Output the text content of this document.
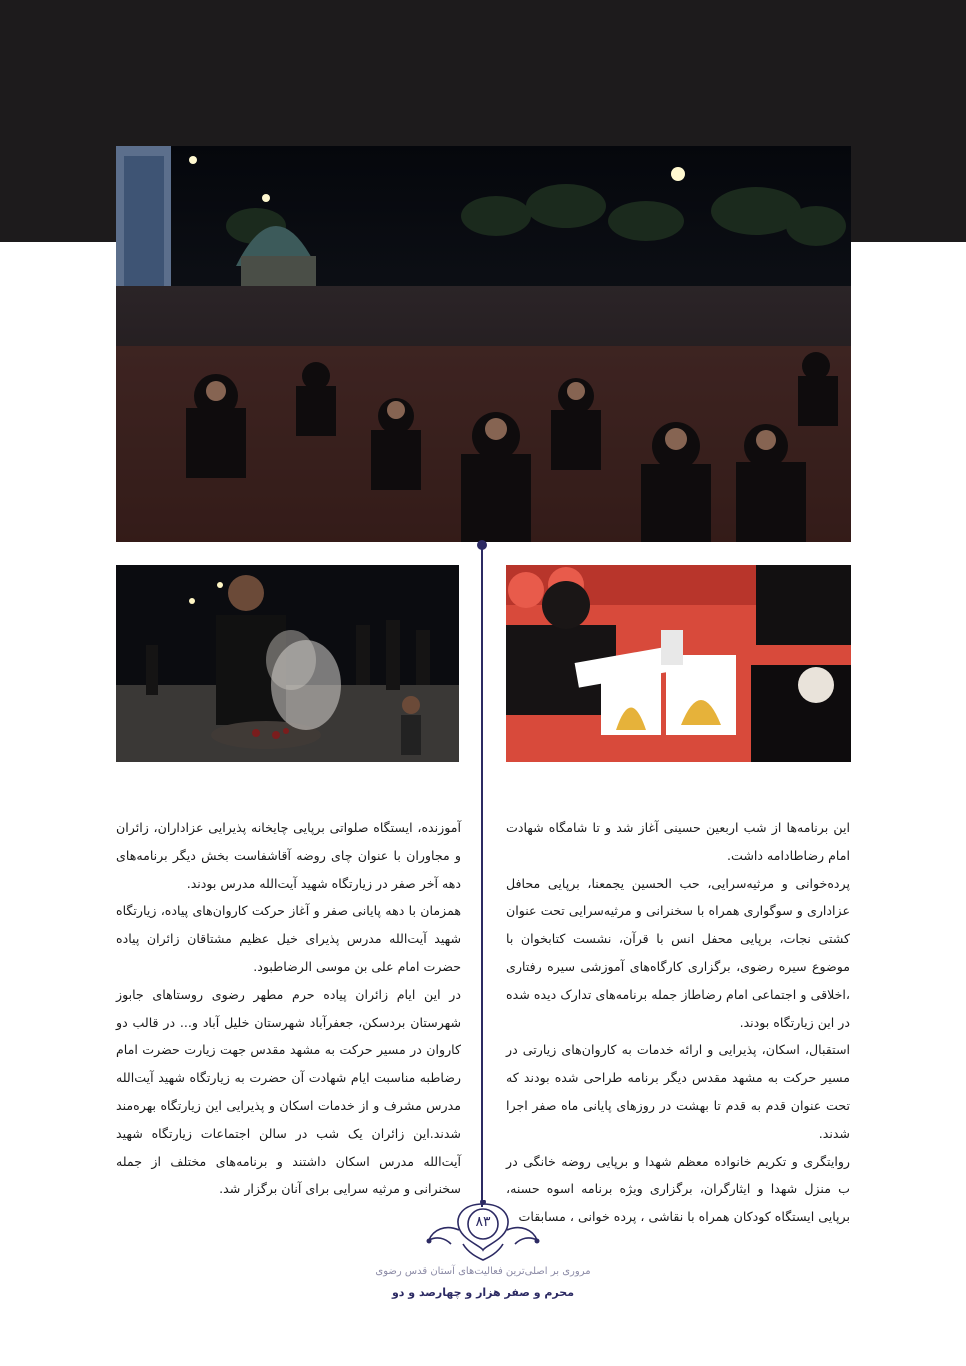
این برنامه‌ها از شب اربعین حسینی آغاز شد و تا شامگاه شهادت امام رضاطادامه داشت.

پرده‌خوانی و مرثیه‌سرایی، حب الحسین یجمعنا، برپایی محافل عزاداری و سوگواری همراه با سخنرانی و مرثیه‌سرایی تحت عنوان کشتی نجات، برپایی محفل انس با قرآن، نشست کتابخوان با موضوع سیره رضوی، برگزاری کارگاه‌های آموزشی سیره رفتاری ،اخلاقی و اجتماعی امام رضاطاز جمله برنامه‌های تدارک دیده شده در این زیارتگاه بودند.

استقبال، اسکان، پذیرایی و ارائه خدمات به کاروان‌های زیارتی در مسیر حرکت به مشهد مقدس دیگر برنامه طراحی شده بودند که تحت عنوان قدم به قدم تا بهشت در روزهای پایانی ماه صفر اجرا شدند.

روایتگری و تکریم خانواده معظم شهدا و برپایی روضه خانگی در ب منزل شهدا و ایثارگران، برگزاری ویژه برنامه اسوه حسنه، برپایی ایستگاه کودکان همراه با نقاشی ، پرده خوانی ، مسابقات

آموزنده، ایستگاه صلواتی برپایی چایخانه پذیرایی عزاداران، زائران و مجاوران با عنوان چای روضه آقاشفاست بخش دیگر برنامه‌های دهه آخر صفر در زیارتگاه شهید آیت‌الله مدرس بودند.

همزمان با دهه پایانی صفر و آغاز حرکت کاروان‌های پیاده، زیارتگاه شهید آیت‌الله مدرس پذیرای خیل عظیم مشتاقان زائران پیاده حضرت امام علی بن موسی الرضاطبود.

در این ایام زائران پیاده حرم مطهر رضوی روستاهای جابوز شهرستان بردسکن، جعفرآباد شهرستان خلیل آباد و... در قالب دو کاروان در مسیر حرکت به مشهد مقدس جهت زیارت حضرت امام رضاطبه مناسبت ایام شهادت آن حضرت به زیارتگاه شهید آیت‌الله مدرس مشرف و از خدمات اسکان و پذیرایی این زیارتگاه بهره‌مند شدند.این زائران یک شب در سالن اجتماعات زیارتگاه شهید آیت‌الله مدرس اسکان داشتند و برنامه‌های مختلف از جمله سخنرانی و مرثیه سرایی برای آنان برگزار شد.

۸۳
مروری بر اصلی‌ترین فعالیت‌های آستان قدس رضوی
محرم و صفر هزار و چهارصد و دو
